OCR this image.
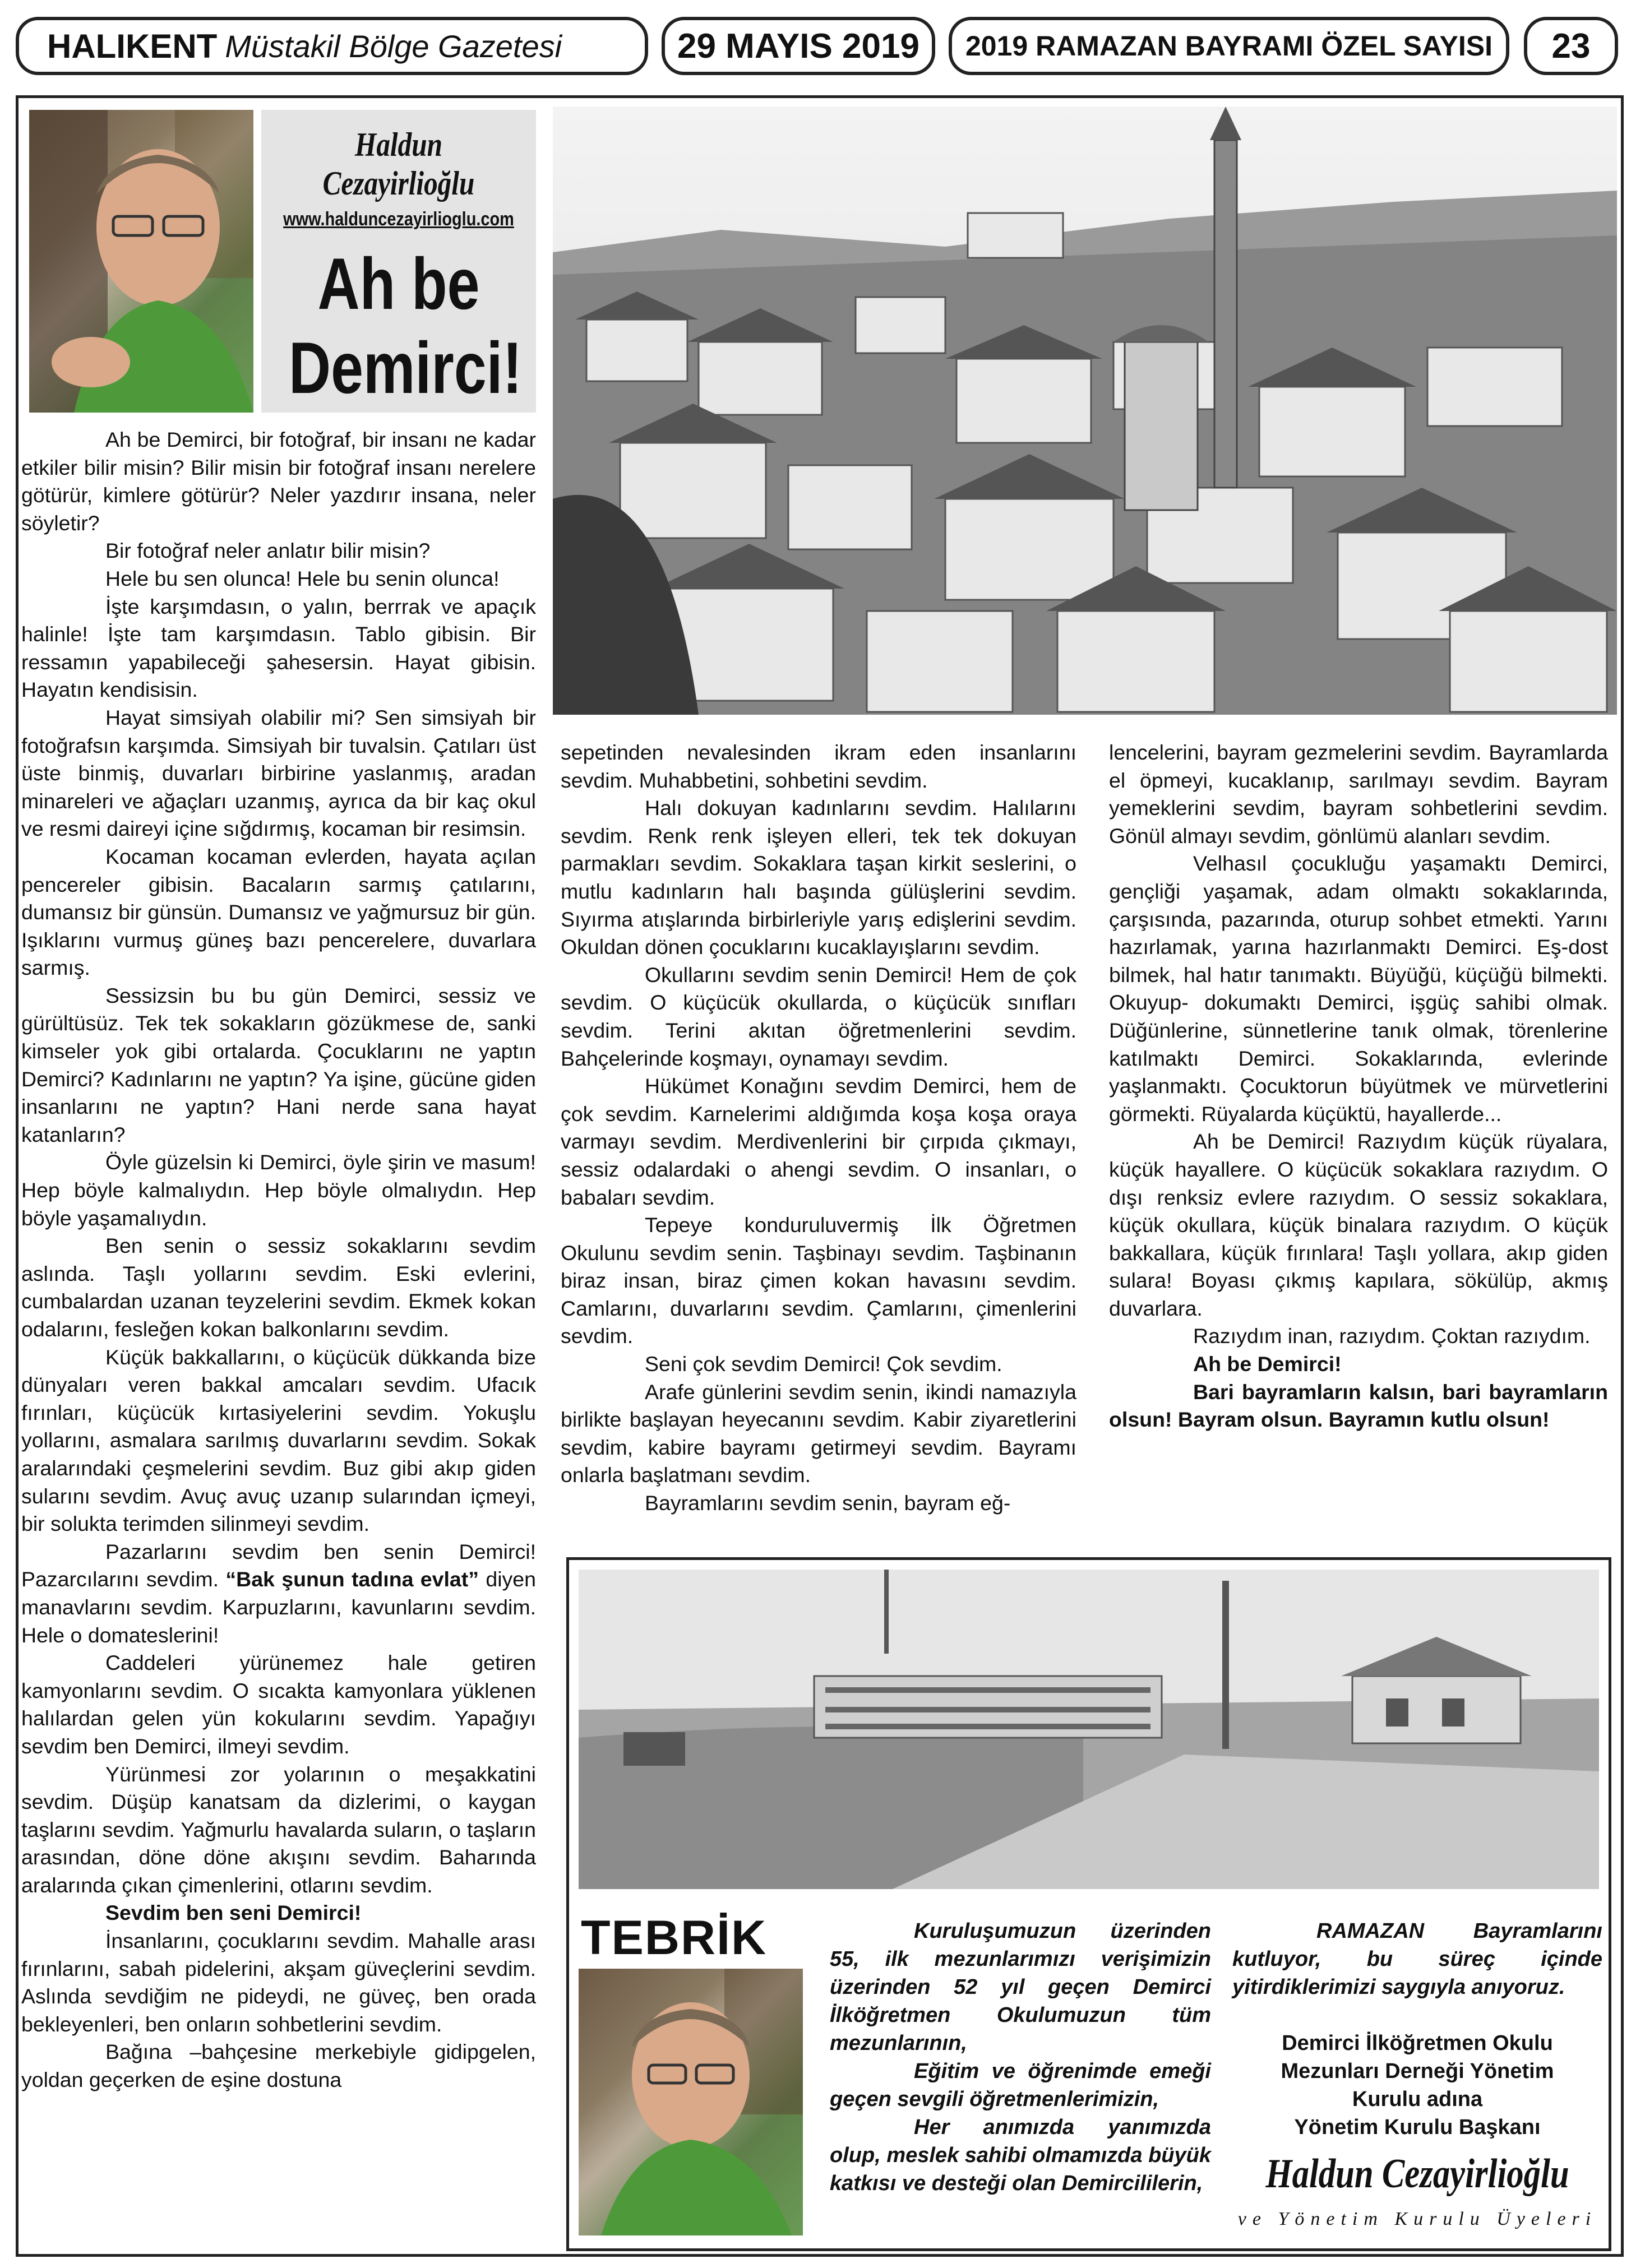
HALIKENT Müstakil Bölge Gazetesi	29 MAYIS 2019 2019 RAMAZAN BAYRAMI ÖZEL SAYISI 23
Haldun Cezayirlioğlu
www.halduncezayirlioglu.com
Ah be
Demirci!

Ah be Demirci, bir fotoğraf, bir insanı ne kadar etkiler bilir misin? Bilir misin bir fotoğraf insanı nerelere götürür, kimlere götürür? Neler yazdırır insana, neler söyletir?

Bir fotoğraf neler anlatır bilir misin?

Hele bu sen olunca! Hele bu senin olunca!

İşte karşımdasın, o yalın, berrrak ve apaçık halinle! İşte tam karşımdasın. Tablo gibisin. Bir ressamın yapabileceği şahesersin. Hayat gibisin. Hayatın kendisisin.

Hayat simsiyah olabilir mi? Sen simsiyah bir fotoğrafsın karşımda. Simsiyah bir tuvalsin. Çatıları üst üste binmiş, duvarları birbirine yaslanmış, aradan minareleri ve ağaçları uzanmış, ayrıca da bir kaç okul ve resmi daireyi içine sığdırmış, kocaman bir resimsin.

Kocaman kocaman evlerden, hayata açılan pencereler gibisin. Bacaların sarmış çatılarını, dumansız bir günsün. Dumansız ve yağmursuz bir gün. Işıklarını vurmuş güneş bazı pencerelere, duvarlara sarmış.

Sessizsin bu bu gün Demirci, sessiz ve gürültüsüz. Tek tek sokakların gözükmese de, sanki kimseler yok gibi ortalarda. Çocuklarını ne yaptın Demirci? Kadınlarını ne yaptın? Ya işine, gücüne giden insanlarını ne yaptın? Hani nerde sana hayat katanların?

Öyle güzelsin ki Demirci, öyle şirin ve masum! Hep böyle kalmalıydın. Hep böyle olmalıydın. Hep böyle yaşamalıydın.

Ben senin o sessiz sokaklarını sevdim aslında. Taşlı yollarını sevdim. Eski evlerini, cumbalardan uzanan teyzelerini sevdim. Ekmek kokan odalarını, fesleğen kokan balkonlarını sevdim.

Küçük bakkallarını, o küçücük dükkanda bize dünyaları veren bakkal amcaları sevdim. Ufacık fırınları, küçücük kırtasiyelerini sevdim. Yokuşlu yollarını, asmalara sarılmış duvarlarını sevdim. Sokak aralarındaki çeşmelerini sevdim. Buz gibi akıp giden sularını sevdim. Avuç avuç uzanıp sularından içmeyi, bir solukta terimden silinmeyi sevdim.

Pazarlarını sevdim ben senin Demirci! Pazarcılarını sevdim. “Bak şunun tadına evlat” diyen manavlarını sevdim. Karpuzlarını, kavunlarını sevdim. Hele o domateslerini!

Caddeleri yürünemez hale getiren kamyonlarını sevdim. O sıcakta kamyonlara yüklenen halılardan gelen yün kokularını sevdim. Yapağıyı sevdim ben Demirci, ilmeyi sevdim.

Yürünmesi zor yolarının o meşakkatini sevdim. Düşüp kanatsam da dizlerimi, o kaygan taşlarını sevdim. Yağmurlu havalarda suların, o taşların arasından, döne döne akışını sevdim. Baharında aralarında çıkan çimenlerini, otlarını sevdim.

Sevdim ben seni Demirci!

İnsanlarını, çocuklarını sevdim. Mahalle arası fırınlarını, sabah pidelerini, akşam güveçlerini sevdim. Aslında sevdiğim ne pideydi, ne güveç, ben orada bekleyenleri, ben onların sohbetlerini sevdim.

Bağına –bahçesine merkebiyle gidipgelen, yoldan geçerken de eşine dostuna

sepetinden nevalesinden ikram eden insanlarını sevdim. Muhabbetini, sohbetini sevdim.

Halı dokuyan kadınlarını sevdim. Halılarını sevdim. Renk renk işleyen elleri, tek tek dokuyan parmakları sevdim. Sokaklara taşan kirkit seslerini, o mutlu kadınların halı başında gülüşlerini sevdim. Sıyırma atışlarında birbirleriyle yarış edişlerini sevdim. Okuldan dönen çocuklarını kucaklayışlarını sevdim.

Okullarını sevdim senin Demirci! Hem de çok sevdim. O küçücük okullarda, o küçücük sınıfları sevdim. Terini akıtan öğretmenlerini sevdim. Bahçelerinde koşmayı, oynamayı sevdim.

Hükümet Konağını sevdim Demirci, hem de çok sevdim. Karnelerimi aldığımda koşa koşa oraya varmayı sevdim. Merdivenlerini bir çırpıda çıkmayı, sessiz odalardaki o ahengi sevdim. O insanları, o babaları sevdim.

Tepeye konduruluvermiş İlk Öğretmen Okulunu sevdim senin. Taşbinayı sevdim. Taşbinanın biraz insan, biraz çimen kokan havasını sevdim. Camlarını, duvarlarını sevdim. Çamlarını, çimenlerini sevdim.

Seni çok sevdim Demirci! Çok sevdim.

Arafe günlerini sevdim senin, ikindi namazıyla birlikte başlayan heyecanını sevdim. Kabir ziyaretlerini sevdim, kabire bayramı getirmeyi sevdim. Bayramı onlarla başlatmanı sevdim.

Bayramlarını sevdim senin, bayram eğ-

lencelerini, bayram gezmelerini sevdim. Bayramlarda el öpmeyi, kucaklanıp, sarılmayı sevdim. Bayram yemeklerini sevdim, bayram sohbetlerini sevdim. Gönül almayı sevdim, gönlümü alanları sevdim.

Velhasıl çocukluğu yaşamaktı Demirci, gençliği yaşamak, adam olmaktı sokaklarında, çarşısında, pazarında, oturup sohbet etmekti. Yarını hazırlamak, yarına hazırlanmaktı Demirci. Eş-dost bilmek, hal hatır tanımaktı. Büyüğü, küçüğü bilmekti. Okuyup- dokumaktı Demirci, işgüç sahibi olmak. Düğünlerine, sünnetlerine tanık olmak, törenlerine katılmaktı Demirci. Sokaklarında, evlerinde yaşlanmaktı. Çocuktorun büyütmek ve mürvetlerini görmekti. Rüyalarda küçüktü, hayallerde...

Ah be Demirci! Razıydım küçük rüyalara, küçük hayallere. O küçücük sokaklara razıydım. O dışı renksiz evlere razıydım. O sessiz sokaklara, küçük okullara, küçük binalara razıydım. O küçük bakkallara, küçük fırınlara! Taşlı yollara, akıp giden sulara! Boyası çıkmış kapılara, sökülüp, akmış duvarlara.

Razıydım inan, razıydım. Çoktan razıydım.

Ah be Demirci!

Bari bayramların kalsın, bari bayramların olsun! Bayram olsun. Bayramın kutlu olsun!

TEBRİK	Kuruluşumuzun üzerinden 55, ilk mezunlarımızı verişimizin üzerinden 52 yıl geçen Demirci İlköğretmen Okulumuzun tüm mezunlarının,

Eğitim ve öğrenimde emeği geçen sevgili öğretmenlerimizin,

Her anımızda yanımızda olup, meslek sahibi olmamızda büyük katkısı ve desteği olan Demircililerin,

RAMAZAN Bayramlarını kutluyor, bu süreç içinde yitirdiklerimizi saygıyla anıyoruz.

Demirci İlköğretmen Okulu
Mezunları Derneği Yönetim
Kurulu adına
Yönetim Kurulu Başkanı
Haldun Cezayirlioğlu
ve Yönetim Kurulu Üyeleri
